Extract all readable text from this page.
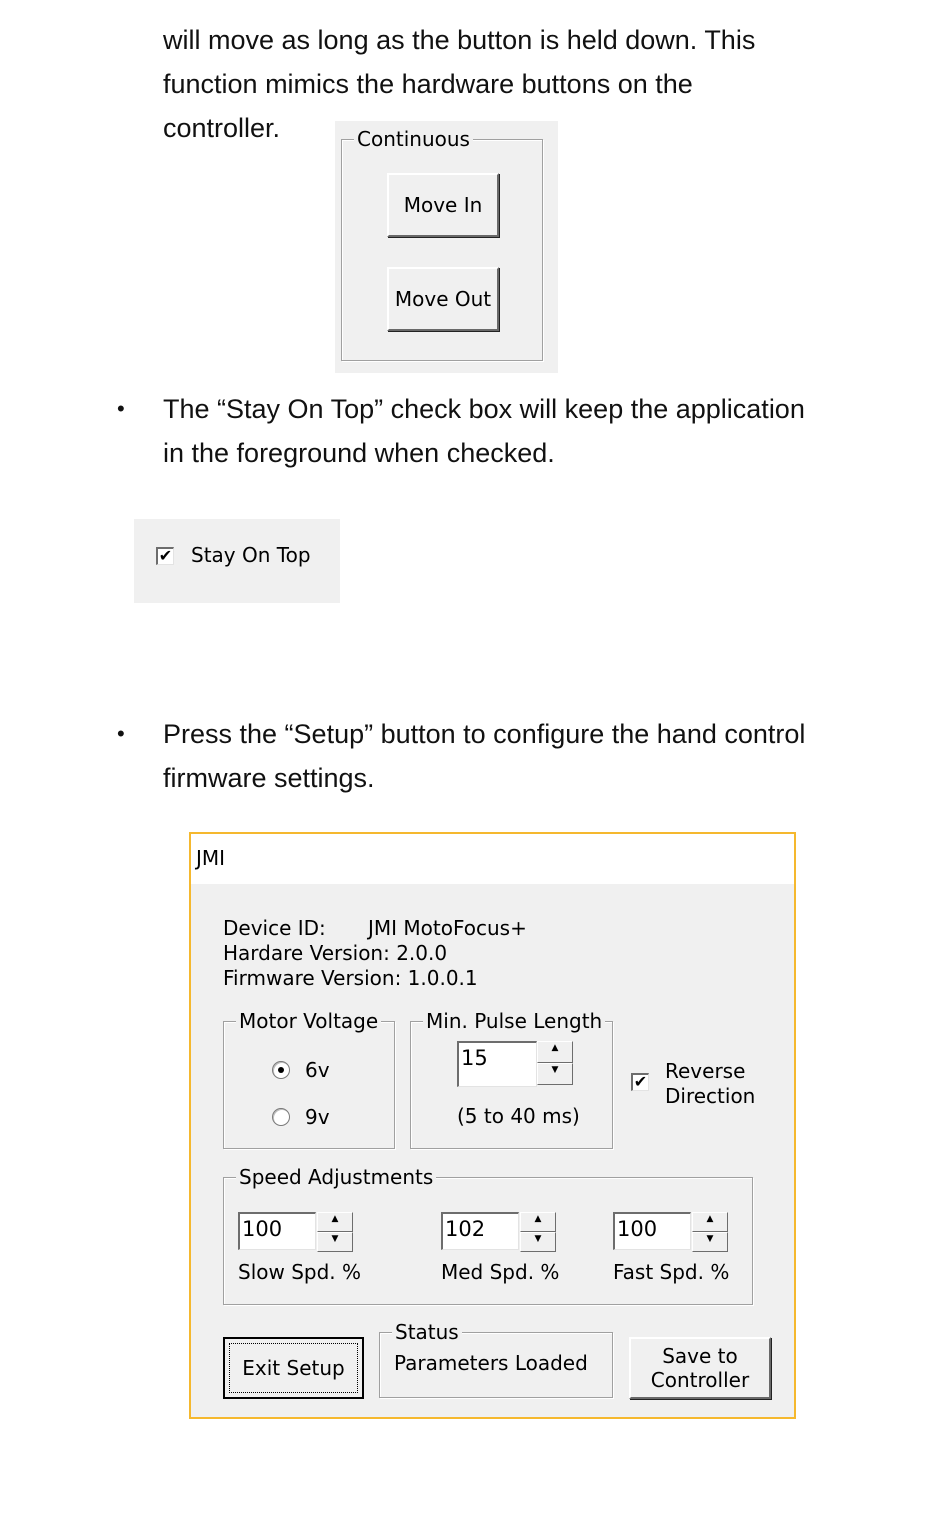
will move as long as the button is held down. This

function mimics the hardware buttons on the

controller.	Continuous
Move In
Move Out
• The “Stay On Top” check box will keep the application

in the foreground when checked.

✔ Stay On Top
• Press the “Setup” button to configure the hand control

firmware settings.

JMI
Device ID: JMI MotoFocus+
Hardare Version: 2.0.0
Firmware Version: 1.0.0.1
Motor Voltage
6v
9v
Min. Pulse Length
15	▲
▼
(5 to 40 ms)
✔ Reverse
Direction
Speed Adjustments
100	▲
▼
Slow Spd. %
102	▲
▼
Med Spd. %
100	▲
▼
Fast Spd. %
Exit Setup
Status
Parameters Loaded	Save to
Controller
